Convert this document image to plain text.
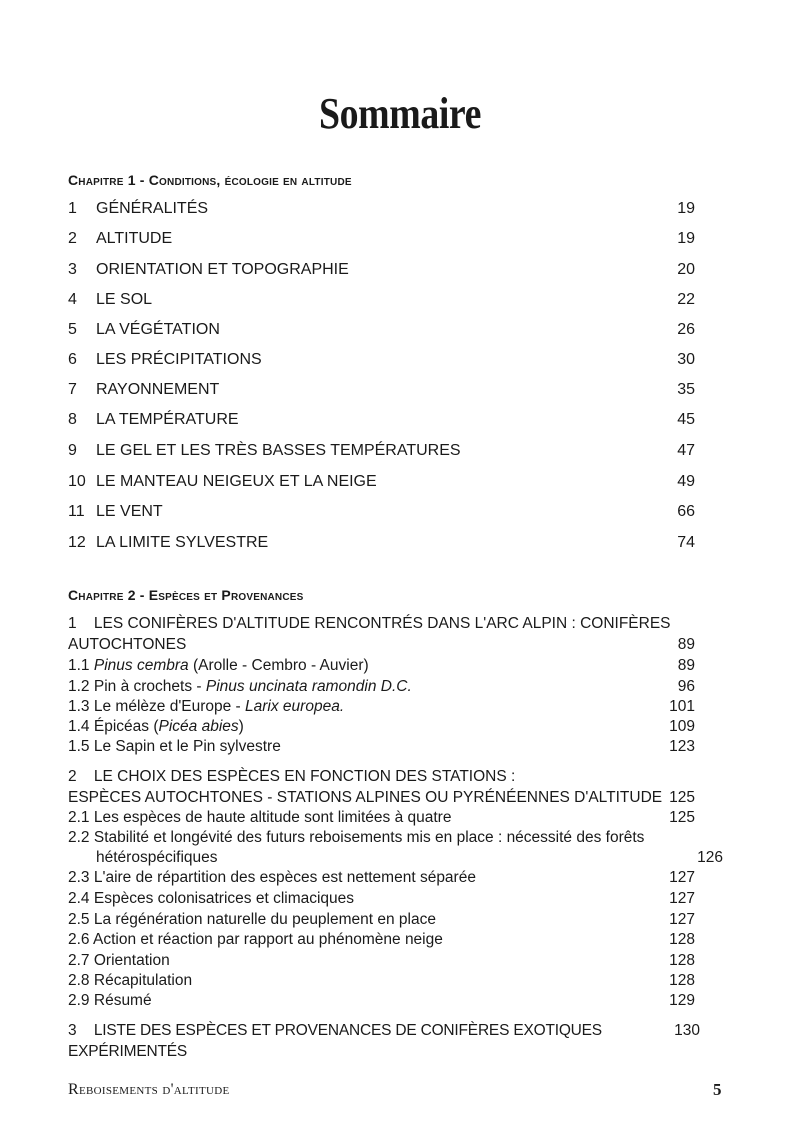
Sommaire
Chapitre 1 - Conditions, écologie en altitude
1 GÉNÉRALITÉS	19
2 ALTITUDE	19
3 ORIENTATION ET TOPOGRAPHIE	20
4 LE SOL	22
5 LA VÉGÉTATION	26
6 LES PRÉCIPITATIONS	30
7 RAYONNEMENT	35
8 LA TEMPÉRATURE	45
9 LE GEL ET LES TRÈS BASSES TEMPÉRATURES	47
10 LE MANTEAU NEIGEUX ET LA NEIGE	49
11 LE VENT	66
12 LA LIMITE SYLVESTRE	74
Chapitre 2 - Espèces et Provenances
1 LES CONIFÈRES D'ALTITUDE RENCONTRÉS DANS L'ARC ALPIN : CONIFÈRES
AUTOCHTONES	89
1.1 Pinus cembra (Arolle - Cembro - Auvier)	89
1.2 Pin à crochets - Pinus uncinata ramondin D.C.	96
1.3 Le mélèze d'Europe - Larix europea.	101
1.4 Épicéas (Picéa abies)	109
1.5 Le Sapin et le Pin sylvestre	123
2 LE CHOIX DES ESPÈCES EN FONCTION DES STATIONS :
ESPÈCES AUTOCHTONES - STATIONS ALPINES OU PYRÉNÉENNES D'ALTITUDE 125
2.1 Les espèces de haute altitude sont limitées à quatre	125
2.2 Stabilité et longévité des futurs reboisements mis en place : nécessité des forêts
hétérospécifiques	126
2.3 L'aire de répartition des espèces est nettement séparée	127
2.4 Espèces colonisatrices et climaciques	127
2.5 La régénération naturelle du peuplement en place	127
2.6 Action et réaction par rapport au phénomène neige	128
2.7 Orientation	128
2.8 Récapitulation	128
2.9 Résumé	129
3 LISTE DES ESPÈCES ET PROVENANCES DE CONIFÈRES EXOTIQUES EXPÉRIMENTÉS
130
Reboisements d'altitude	5
